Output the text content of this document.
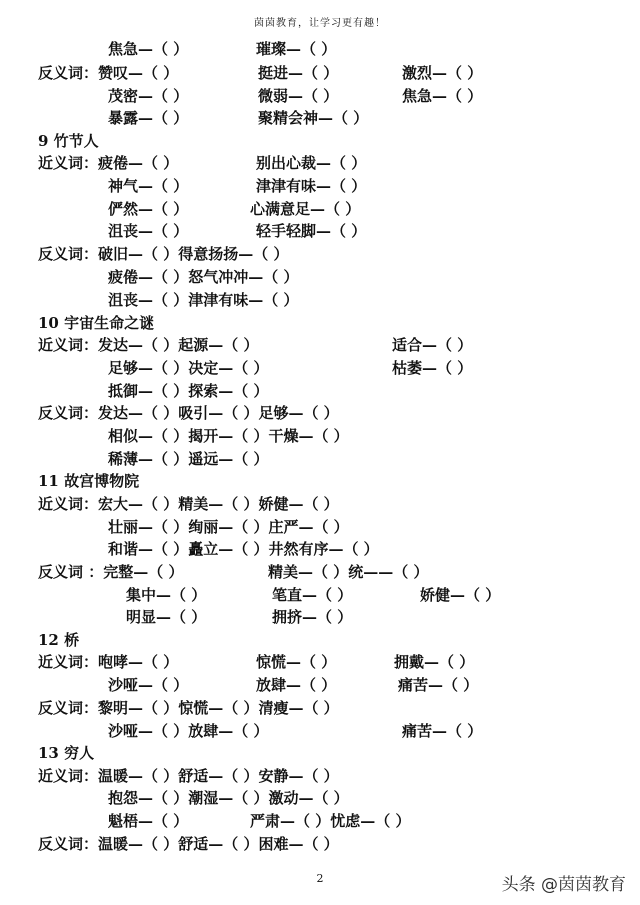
茵茵教育，让学习更有趣！
焦急—（ ）	璀璨—（ ）
反义词：赞叹—（ ）	挺进—（ ）	激烈—（ ）
茂密—（ ）	微弱—（ ）	焦急—（ ）
暴露—（ ）	聚精会神—（ ）
9 竹节人
近义词：疲倦—（ ）	别出心裁—（ ）
神气—（ ）	津津有味—（ ）
俨然—（ ）	心满意足—（ ）
沮丧—（ ）	轻手轻脚—（ ）
反义词：破旧—（ ）得意扬扬—（ ）
疲倦—（ ）怒气冲冲—（ ）
沮丧—（ ）津津有味—（ ）
10 宇宙生命之谜
近义词：发达—（ ）起源—（ ）	适合—（ ）
足够—（ ）决定—（ ）	枯萎—（ ）
抵御—（ ）探索—（ ）
反义词：发达—（ ）吸引—（ ）足够—（ ）
相似—（ ）揭开—（ ）干燥—（ ）
稀薄—（ ）遥远—（ ）
11 故宫博物院
近义词：宏大—（ ）精美—（ ）娇健—（ ）
壮丽—（ ）绚丽—（ ）庄严—（ ）
和谐—（ ）矗立—（ ）井然有序—（ ）
反义词 ：完整—（ ）	精美—（ ）统——（ ）
集中—（ ）	笔直—（ ）	娇健—（ ）
明显—（ ）	拥挤—（ ）
12 桥
近义词：咆哮—（ ）	惊慌—（ ）	拥戴—（ ）
沙哑—（ ）	放肆—（ ）	痛苦—（ ）
反义词：黎明—（ ）惊慌—（ ）清瘦—（ ）
沙哑—（ ）放肆—（ ）	痛苦—（ ）
13 穷人
近义词：温暖—（ ）舒适—（ ）安静—（ ）
抱怨—（ ）潮湿—（ ）激动—（ ）
魁梧—（ ）	严肃—（ ）忧虑—（ ）
反义词：温暖—（ ）舒适—（ ）困难—（ ）
2	头条 @茵茵教育
